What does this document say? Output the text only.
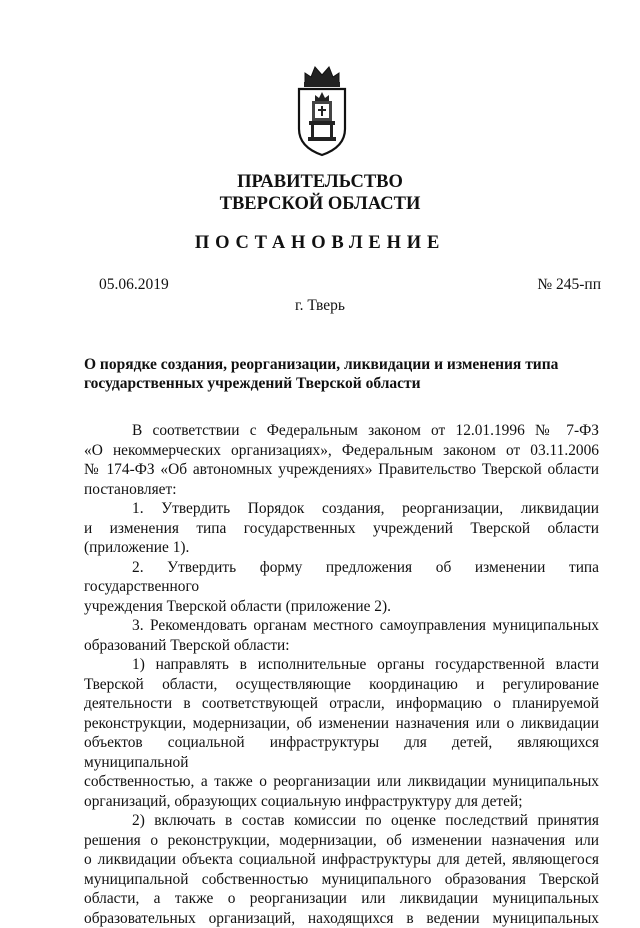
ПРАВИТЕЛЬСТВО
ТВЕРСКОЙ ОБЛАСТИ
ПОСТАНОВЛЕНИЕ
05.06.2019	№ 245-пп
г. Тверь
О порядке создания, реорганизации, ликвидации и изменения типа
государственных учреждений Тверской области

В соответствии с Федеральным законом от 12.01.1996 № 7-ФЗ

«О некоммерческих организациях», Федеральным законом от 03.11.2006

№ 174-ФЗ «Об автономных учреждениях» Правительство Тверской области

постановляет:

1. Утвердить Порядок создания, реорганизации, ликвидации

и изменения типа государственных учреждений Тверской области

(приложение 1).

2. Утвердить форму предложения об изменении типа государственного

учреждения Тверской области (приложение 2).

3. Рекомендовать органам местного самоуправления муниципальных

образований Тверской области:

1) направлять в исполнительные органы государственной власти

Тверской области, осуществляющие координацию и регулирование

деятельности в соответствующей отрасли, информацию о планируемой

реконструкции, модернизации, об изменении назначения или о ликвидации

объектов социальной инфраструктуры для детей, являющихся муниципальной

собственностью, а также о реорганизации или ликвидации муниципальных

организаций, образующих социальную инфраструктуру для детей;

2) включать в состав комиссии по оценке последствий принятия

решения о реконструкции, модернизации, об изменении назначения или

о ликвидации объекта социальной инфраструктуры для детей, являющегося

муниципальной собственностью муниципального образования Тверской

области, а также о реорганизации или ликвидации муниципальных

образовательных организаций, находящихся в ведении муниципальных
